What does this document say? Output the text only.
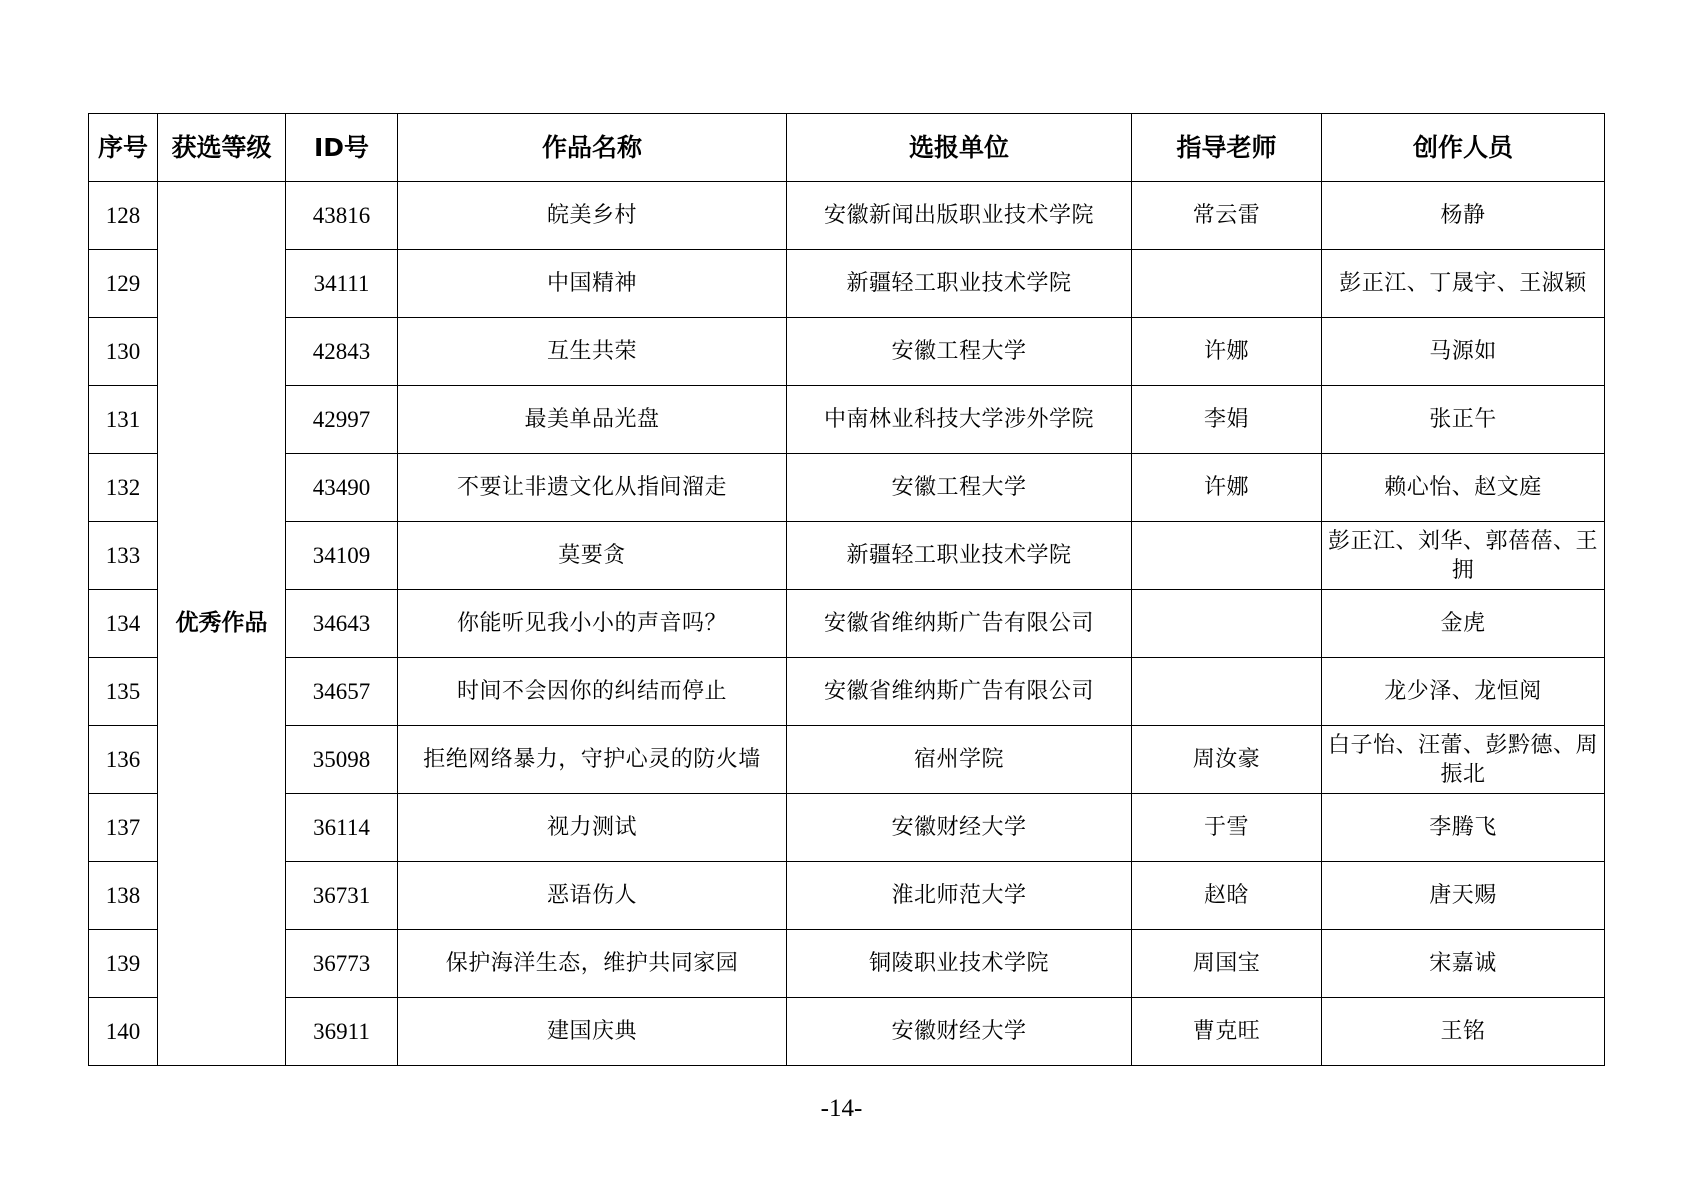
序号	获选等级	ID号	作品名称	选报单位	指导老师	创作人员
128	优秀作品	43816	皖美乡村	安徽新闻出版职业技术学院	常云雷	杨静
129		34111	中国精神	新疆轻工职业技术学院		彭正江、丁晟宇、王淑颖
130		42843	互生共荣	安徽工程大学	许娜	马源如
131		42997	最美单品光盘	中南林业科技大学涉外学院	李娟	张正午
132		43490	不要让非遗文化从指间溜走	安徽工程大学	许娜	赖心怡、赵文庭
133		34109	莫要贪	新疆轻工职业技术学院		彭正江、刘华、郭蓓蓓、王拥
134		34643	你能听见我小小的声音吗？	安徽省维纳斯广告有限公司		金虎
135		34657	时间不会因你的纠结而停止	安徽省维纳斯广告有限公司		龙少泽、龙恒阅
136		35098	拒绝网络暴力，守护心灵的防火墙	宿州学院	周汝豪	白子怡、汪蕾、彭黔德、周振北
137		36114	视力测试	安徽财经大学	于雪	李腾飞
138		36731	恶语伤人	淮北师范大学	赵晗	唐天赐
139		36773	保护海洋生态，维护共同家园	铜陵职业技术学院	周国宝	宋嘉诚
140		36911	建国庆典	安徽财经大学	曹克旺	王铭
-14-
